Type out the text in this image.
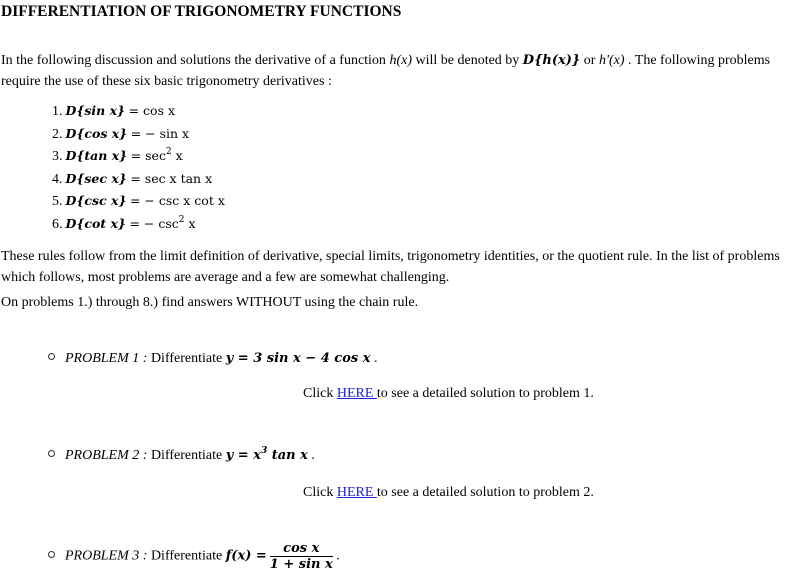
DIFFERENTIATION OF TRIGONOMETRY FUNCTIONS

In the following discussion and solutions the derivative of a function h(x) will be denoted by D{h(x)} or h'(x) . The following problems require the use of these six basic trigonometry derivatives :

1. D{sin x} = cos x
2. D{cos x} = − sin x
3. D{tan $x\} = \sec^2 x$
4. D{sec x} = sec x tan x
5. D{csc x} = − csc x cot x
6. D{cot x} = − $\csc^2 x$

These rules follow from the limit definition of derivative, special limits, trigonometry identities, or the quotient rule. In the list of problems which follows, most problems are average and a few are somewhat challenging.

On problems 1.) through 8.) find answers WITHOUT using the chain rule.

PROBLEM 1 : Differentiate y = 3 sin x − 4 cos x .
Click HERE to see a detailed solution to problem 1.
PROBLEM 2 : Differentiate $y = x^3$ tan x .
Click HERE to see a detailed solution to problem 2.
PROBLEM 3 : Differentiate $f(x) = \frac{\text{cos x}}{\text{1 + sin x}}$ .
